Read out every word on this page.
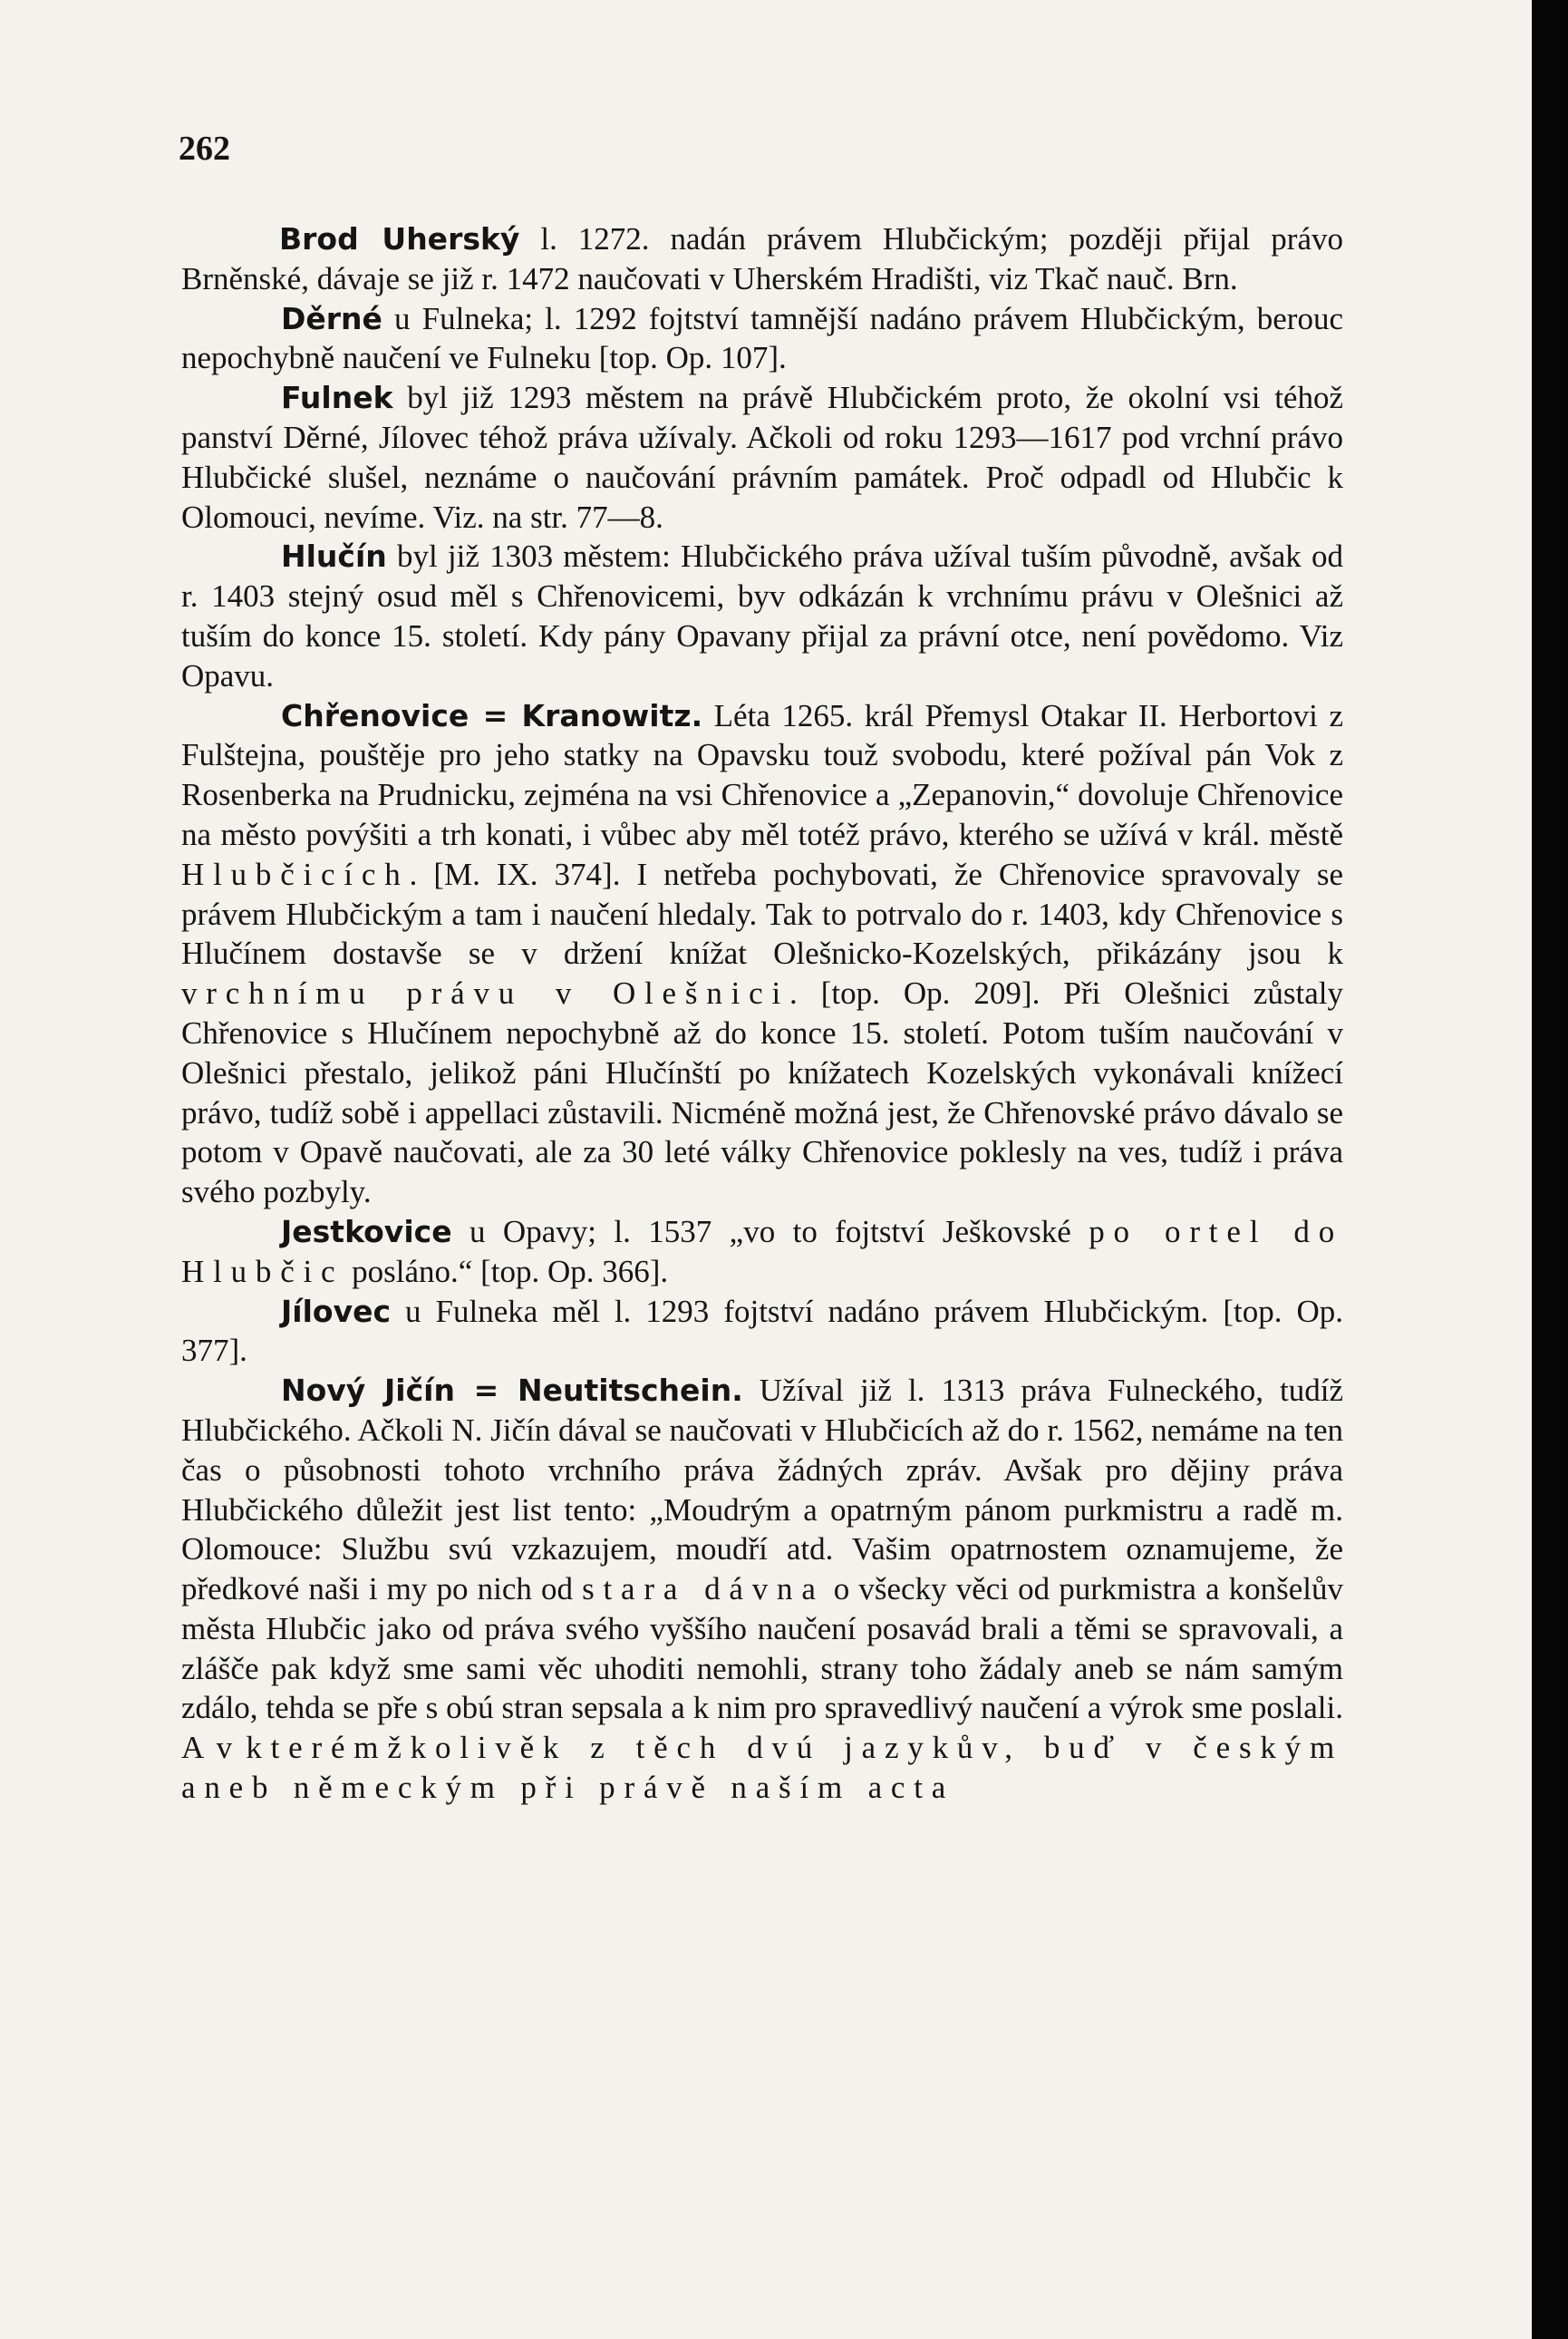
262

Brod Uherský l. 1272. nadán právem Hlubčickým; později přijal právo Brněnské, dávaje se již r. 1472 naučovati v Uherském Hradišti, viz Tkač nauč. Brn.

Děrné u Fulneka; l. 1292 fojtství tamnější nadáno právem Hlubčickým, berouc nepochybně naučení ve Fulneku [top. Op. 107].

Fulnek byl již 1293 městem na právě Hlubčickém proto, že okolní vsi téhož panství Děrné, Jílovec téhož práva užívaly. Ačkoli od roku 1293—1617 pod vrchní právo Hlubčické slušel, neznáme o naučování právním památek. Proč odpadl od Hlubčic k Olomouci, nevíme. Viz. na str. 77—8.

Hlučín byl již 1303 městem: Hlubčického práva užíval tuším původně, avšak od r. 1403 stejný osud měl s Chřenovicemi, byv odkázán k vrchnímu právu v Olešnici až tuším do konce 15. století. Kdy pány Opavany přijal za právní otce, není povědomo. Viz Opavu.

Chřenovice = Kranowitz. Léta 1265. král Přemysl Otakar II. Herbortovi z Fulštejna, pouštěje pro jeho statky na Opavsku touž svobodu, které požíval pán Vok z Rosenberka na Prudnicku, zejména na vsi Chřenovice a „Zepanovin,“ dovoluje Chřenovice na město povýšiti a trh konati, i vůbec aby měl totéž právo, kterého se užívá v král. městě Hlubčicích. [M. IX. 374]. I netřeba pochybovati, že Chřenovice spravovaly se právem Hlubčickým a tam i naučení hledaly. Tak to potrvalo do r. 1403, kdy Chřenovice s Hlučínem dostavše se v držení knížat Olešnicko-Kozelských, přikázány jsou k vrchnímu právu v Olešnici. [top. Op. 209]. Při Olešnici zůstaly Chřenovice s Hlučínem nepochybně až do konce 15. století. Potom tuším naučování v Olešnici přestalo, jelikož páni Hlučínští po knížatech Kozelských vykonávali knížecí právo, tudíž sobě i appellaci zůstavili. Nicméně možná jest, že Chřenovské právo dávalo se potom v Opavě naučovati, ale za 30 leté války Chřenovice poklesly na ves, tudíž i práva svého pozbyly.

Jestkovice u Opavy; l. 1537 „vo to fojtství Ješkovské po ortel do Hlubčic posláno.“ [top. Op. 366].

Jílovec u Fulneka měl l. 1293 fojtství nadáno právem Hlubčickým. [top. Op. 377].

Nový Jičín = Neutitschein. Užíval již l. 1313 práva Fulneckého, tudíž Hlubčického. Ačkoli N. Jičín dával se naučovati v Hlubčicích až do r. 1562, nemáme na ten čas o působnosti tohoto vrchního práva žádných zpráv. Avšak pro dějiny práva Hlubčického důležit jest list tento: „Moudrým a opatrným pánom purkmistru a radě m. Olomouce: Službu svú vzkazujem, moudří atd. Vašim opatrnostem oznamujeme, že předkové naši i my po nich od stara dávna o všecky věci od purkmistra a konšelův města Hlubčic jako od práva svého vyššího naučení posavád brali a těmi se spravovali, a zlášče pak když sme sami věc uhoditi nemohli, strany toho žádaly aneb se nám samým zdálo, tehda se pře s obú stran sepsala a k nim pro spravedlivý naučení a výrok sme poslali. A v kterémžkolivěk z těch dvú jazykův, buď v českým aneb německým při právě naším acta
